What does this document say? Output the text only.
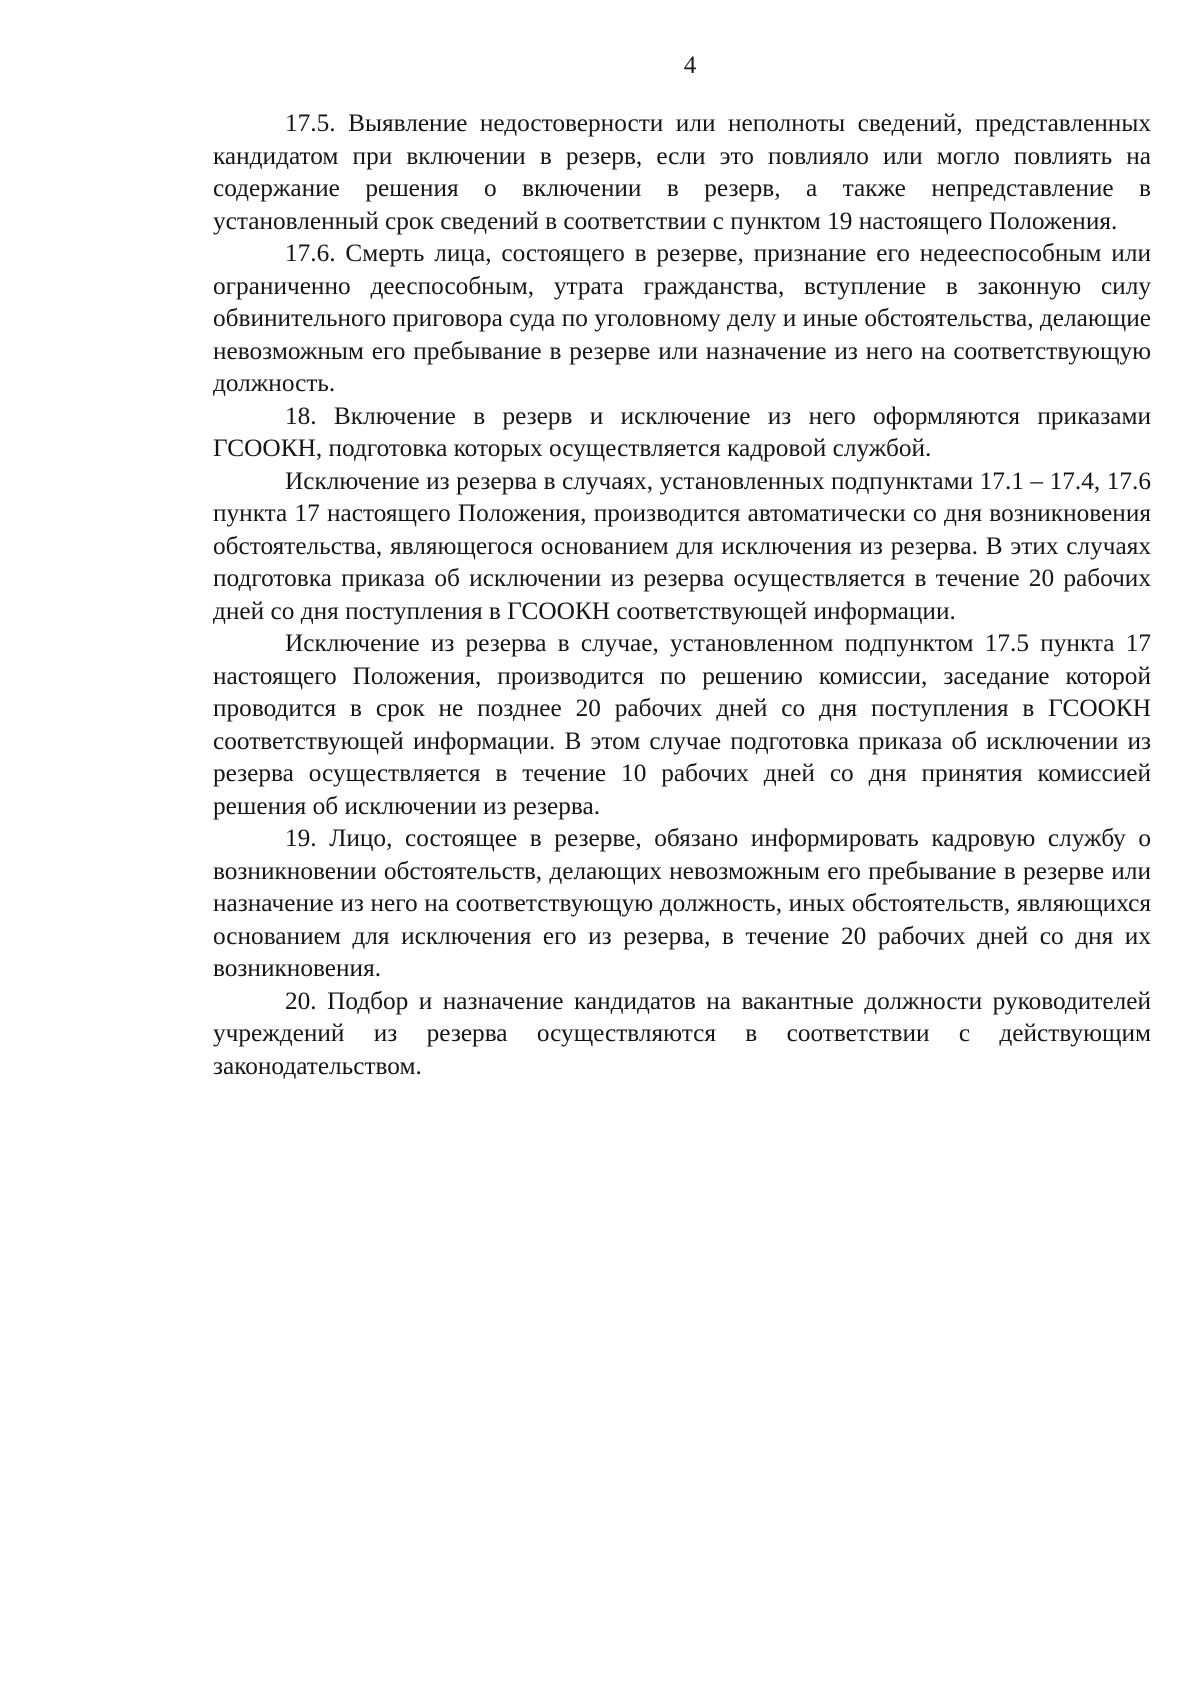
4

17.5. Выявление недостоверности или неполноты сведений, представленных кандидатом при включении в резерв, если это повлияло или могло повлиять на содержание решения о включении в резерв, а также непредставление в установленный срок сведений в соответствии с пунктом 19 настоящего Положения.

17.6. Смерть лица, состоящего в резерве, признание его недееспособным или ограниченно дееспособным, утрата гражданства, вступление в законную силу обвинительного приговора суда по уголовному делу и иные обстоятельства, делающие невозможным его пребывание в резерве или назначение из него на соответствующую должность.

18. Включение в резерв и исключение из него оформляются приказами ГСООКН, подготовка которых осуществляется кадровой службой.

Исключение из резерва в случаях, установленных подпунктами 17.1 – 17.4, 17.6 пункта 17 настоящего Положения, производится автоматически со дня возникновения обстоятельства, являющегося основанием для исключения из резерва. В этих случаях подготовка приказа об исключении из резерва осуществляется в течение 20 рабочих дней со дня поступления в ГСООКН соответствующей информации.

Исключение из резерва в случае, установленном подпунктом 17.5 пункта 17 настоящего Положения, производится по решению комиссии, заседание которой проводится в срок не позднее 20 рабочих дней со дня поступления в ГСООКН соответствующей информации. В этом случае подготовка приказа об исключении из резерва осуществляется в течение 10 рабочих дней со дня принятия комиссией решения об исключении из резерва.

19. Лицо, состоящее в резерве, обязано информировать кадровую службу о возникновении обстоятельств, делающих невозможным его пребывание в резерве или назначение из него на соответствующую должность, иных обстоятельств, являющихся основанием для исключения его из резерва, в течение 20 рабочих дней со дня их возникновения.

20. Подбор и назначение кандидатов на вакантные должности руководителей учреждений из резерва осуществляются в соответствии с действующим законодательством.
